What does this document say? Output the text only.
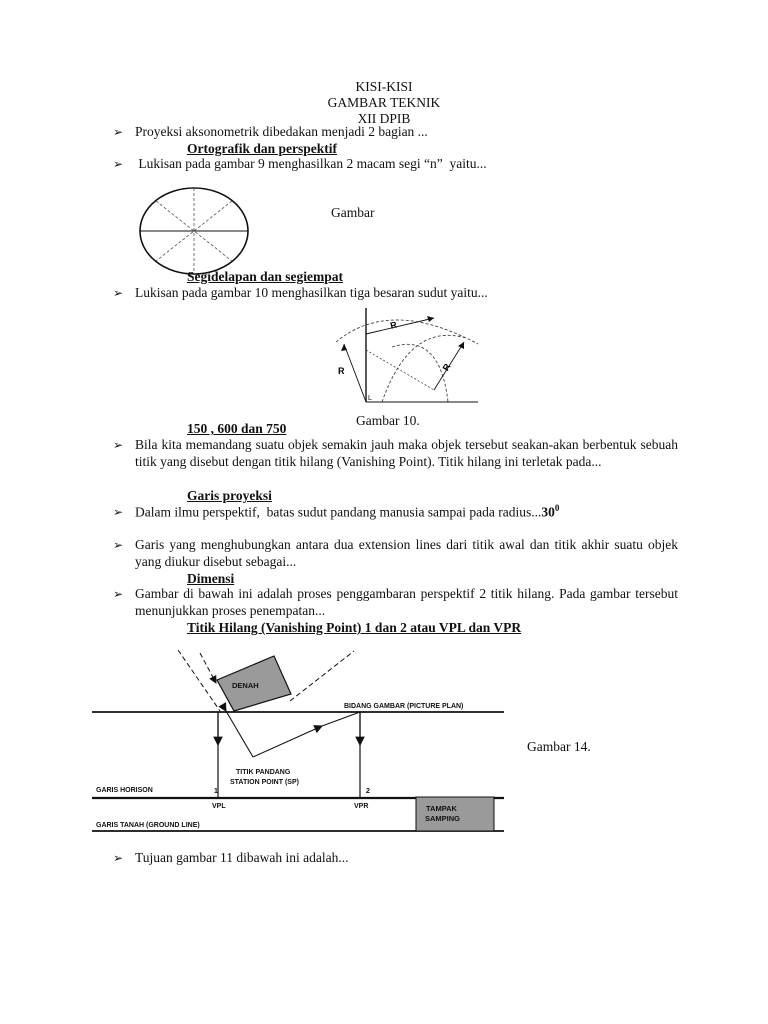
KISI-KISI
GAMBAR TEKNIK
XII DPIB
➢ Proyeksi aksonometrik dibedakan menjadi 2 bagian ...
Ortografik dan perspektif
➢ Lukisan pada gambar 9 menghasilkan 2 macam segi “n”  yaitu...
Gambar
Segidelapan dan segiempat
➢ Lukisan pada gambar 10 menghasilkan tiga besaran sudut yaitu...
R
R	R
L
Gambar 10.
150 , 600 dan 750
➢ Bila kita memandang suatu objek semakin jauh maka objek tersebut seakan-akan berbentuk sebuah titik yang disebut dengan titik hilang (Vanishing Point). Titik hilang ini terletak pada...
Garis proyeksi
➢ Dalam ilmu perspektif,  batas sudut pandang manusia sampai pada radius...30$^0$
➢ Garis yang menghubungkan antara dua extension lines dari titik awal dan titik akhir suatu objek yang diukur disebut sebagai...
Dimensi
➢ Gambar di bawah ini adalah proses penggambaran perspektif 2 titik hilang. Pada gambar tersebut menunjukkan proses penempatan...
Titik Hilang (Vanishing Point) 1 dan 2 atau VPL dan VPR
DENAH
TAMPAK
SAMPING
BIDANG GAMBAR (PICTURE PLAN)
TITIK PANDANG
STATION POINT (SP)
GARIS HORISON
GARIS TANAH (GROUND LINE)
1	2
VPL	VPR
Gambar 14.
➢ Tujuan gambar 11 dibawah ini adalah...
